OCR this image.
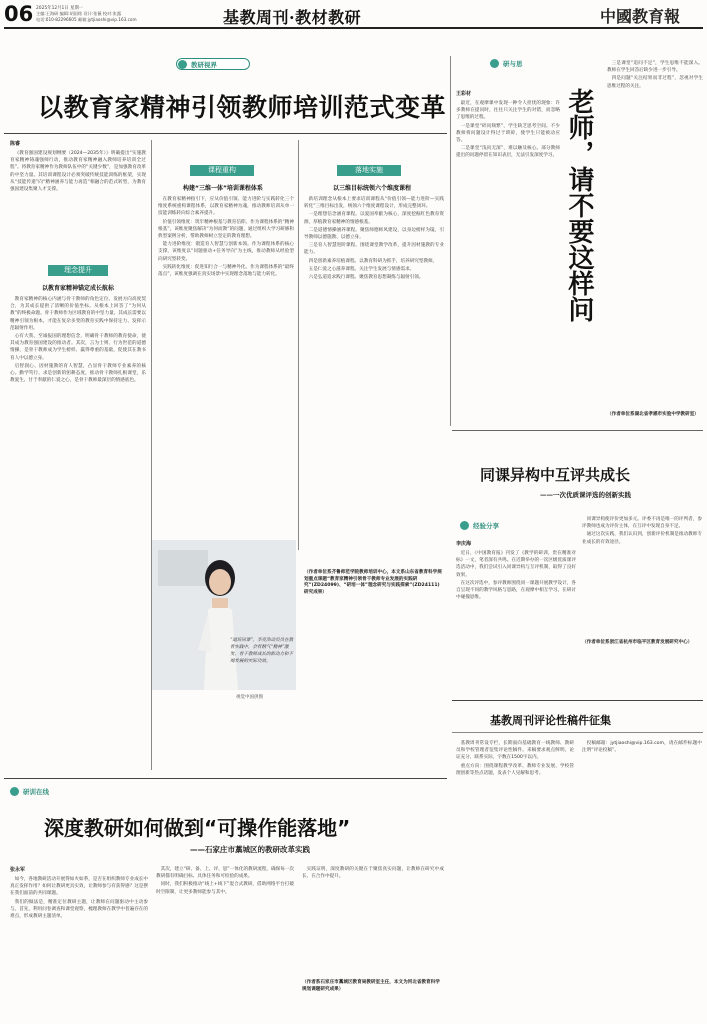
06 2025年12月1日 星期一
主编:王海研 编辑:胡国铭 设计:张薇 校对:张露
电话:010-82296605 邮箱:jytjiaoshi@vip.163.com	基教周刊·教材教研	中國教育報
教研视界
以教育家精神引领教师培训范式变革
陈睿

《教育强国建设规划纲要（2024—2035年）》明确提出“实施教育家精神铸魂强师行动，推动教育家精神融入教师培养培训全过程”。将教育家精神作为教师队伍中的“关键少数”，是加强教育改革的中坚力量。其培训课程设计必须突破传统技能训练的框架，实现从“技能传递”向“精神涵养与能力再造”相融合的范式转型，为教育强国建设集聚人才支撑。

理念提升
以教育家精神锚定成长航标

教育家精神的核心内涵与骨干教师的角色定位、发展方向高度契合，为其成长提供了清晰的价值坐标。从根本上回答了“为何从教”的终极命题。骨干教师作为区域教育的中坚力量，其成长需要以精神引领为根本，才能在复杂多变的教育实践中保持定力、发挥示范辐射作用。

心有大我、至诚报国的理想信念，明确骨干教师的教育使命，使其成为教育强国建设的推动者。其次，言为士则、行为世范的道德情操，是骨干教师成为学生榜样、赢得尊重的基础，促使其在教书育人中以德立身。

启智润心、因材施教的育人智慧，凸显骨干教师专业素养的核心。勤学笃行、求是创新的躬耕态度，推动骨干教师扎根课堂，乐教爱生、甘于奉献的仁爱之心，是骨干教师最深层的情感底色。

课程重构
构建“三维一体”培训课程体系

在教育家精神指引下，应从价值引领、能力进阶与实践转化三个维度系统重构课程体系，以教育家精神为魂，推动教师培训从单一技能训练转向综合素养提升。

价值引领维度：筑牢精神根基与教育信仰。作为课程体系的“精神根基”，该维度聚焦解决“为何而教”的问题，通过组织大学习研修和典型案例分析，帮助教师树立坚定的教育理想。

能力进阶维度：锻造育人智慧与创新本领。作为课程体系的核心支撑，该维度以“问题驱动+任务导向”为主线，推动教师从经验型向研究型转变。

实践转化维度：促进知行合一与精神外化。作为课程体系的“最终落点”，该维度强调在真实场景中实现理念落地与能力转化。

落地实施
以三维目标统领六个维度课程

新培训理念从根本上要求培训课程从“价值引领—能力进阶—实践转化”三维目标出发，统领六个维度课程设计，形成完整闭环。

一是理想信念涵育课程。以爱国奉献为核心，深度挖掘红色教育资源，厚植教育家精神的情感根基。

二是道德情操涵养课程。聚焦师德师风建设，以身边榜样为镜，引导教师以德施教、以德立身。

三是育人智慧进阶课程。围绕课堂教学改革，提升因材施教的专业能力。

四是创新素养培植课程。以教育科研为抓手，培养研究型教师。

五是仁爱之心滋养课程。关注学生发展与情感需求。

六是弘道追求践行课程。聚焦教育思想凝练与辐射引领。

“道培同课”，李亮浩动员员在教育实践中，会有精气“精神”激发，骨干教师成长的新动力和不竭发展的实际功效。
视觉中国供图
（作者单位系齐鲁师范学院教师培训中心，本文系山东省教育科学规划重点课题“教育家精神引领骨干教师专业发展的实践研究”(ZD24099)、“研培一体”理念研究与实践探索”(ZD24111)研究成果）
研与思
老师，请不要这样问
王彩材

最近，在观摩课中发现一种令人担忧的现象：许多教师在提问时，往往只关注学生的对错，而忽略了思维的过程。

一是课堂“碎问频繁”，学生缺乏思考空间。不少教师将问题设计得过于琐碎，使学生只能被动应答。

二是课堂“浅问无深”，难以触及核心。部分教师提出的问题停留在知识表层，无法引发深度学习。

三是课堂“追问不足”，学生思维不能深入。教师在学生回答后缺少进一步引导。

四是问题“关注结果而非过程”，忽视对学生思维过程的关注。

（作者单位系湖北省孝感市实验中学教研室）
同课异构中互评共成长
——一次优质课评选的创新实践
经验分享
李庆海

近日，《中国教育报》刊发了《教学的研训，贵在精准对标》一文，笔者深有共鸣。在近期举办的一次区级优质课评选活动中，我们尝试引入同课异构与互评机制，取得了良好效果。

在这次评选中，参评教师围绕同一课题开展教学设计，各自呈现不同的教学风格与思路，在观摩中相互学习、在研讨中碰撞思维。

同课异构使评价更加多元。评委不再是唯一的评判者，参评教师也成为评价主体，在互评中发现自身不足。

通过这次实践，我们认识到，创新评价机制是推动教师专业成长的有效途径。

（作者单位系浙江省杭州市临平区教育发展研究中心）
研训在线
深度教研如何做到“可操作能落地”
——石家庄市藁城区的教研改革实践
张永军

如今，各地教研活动开展得如火如荼，是否在组织教师专业成长中真正发挥作用？如何让教研更具实效，让教师参与有获得感？这是摆在我们面前的共同课题。

我们的做法是，精准定位教研主题，让教师在问题驱动中主动参与。首先，利用问卷调查和课堂观察，梳理教师在教学中普遍存在的难点，形成教研主题清单。

其次，建立“研、备、上、评、思”一体化的教研流程，确保每一次教研都有明确目标、具体任务和可检验的成果。

同时，我们积极推动“线上+线下”混合式教研，借助网络平台打破时空限制，让更多教师能参与其中。

实践证明，深度教研的关键在于聚焦真实问题，让教师在研究中成长、在合作中提升。

（作者系石家庄市藁城区教育局教研室主任，本文为河北省教育科学规划课题研究成果）
基教周刊评论性稿件征集

基教周刊常设专栏，长期面向基础教育一线教师、教研员和学校管理者征集评论性稿件。来稿要求观点鲜明、论证充分、联系实际，字数在1500字以内。

重点方向：围绕课程教学改革、教师专业发展、学校管理创新等热点话题，发表个人见解和思考。

投稿邮箱：jytjiaoshi@vip.163.com，请在邮件标题中注明“评论投稿”。
